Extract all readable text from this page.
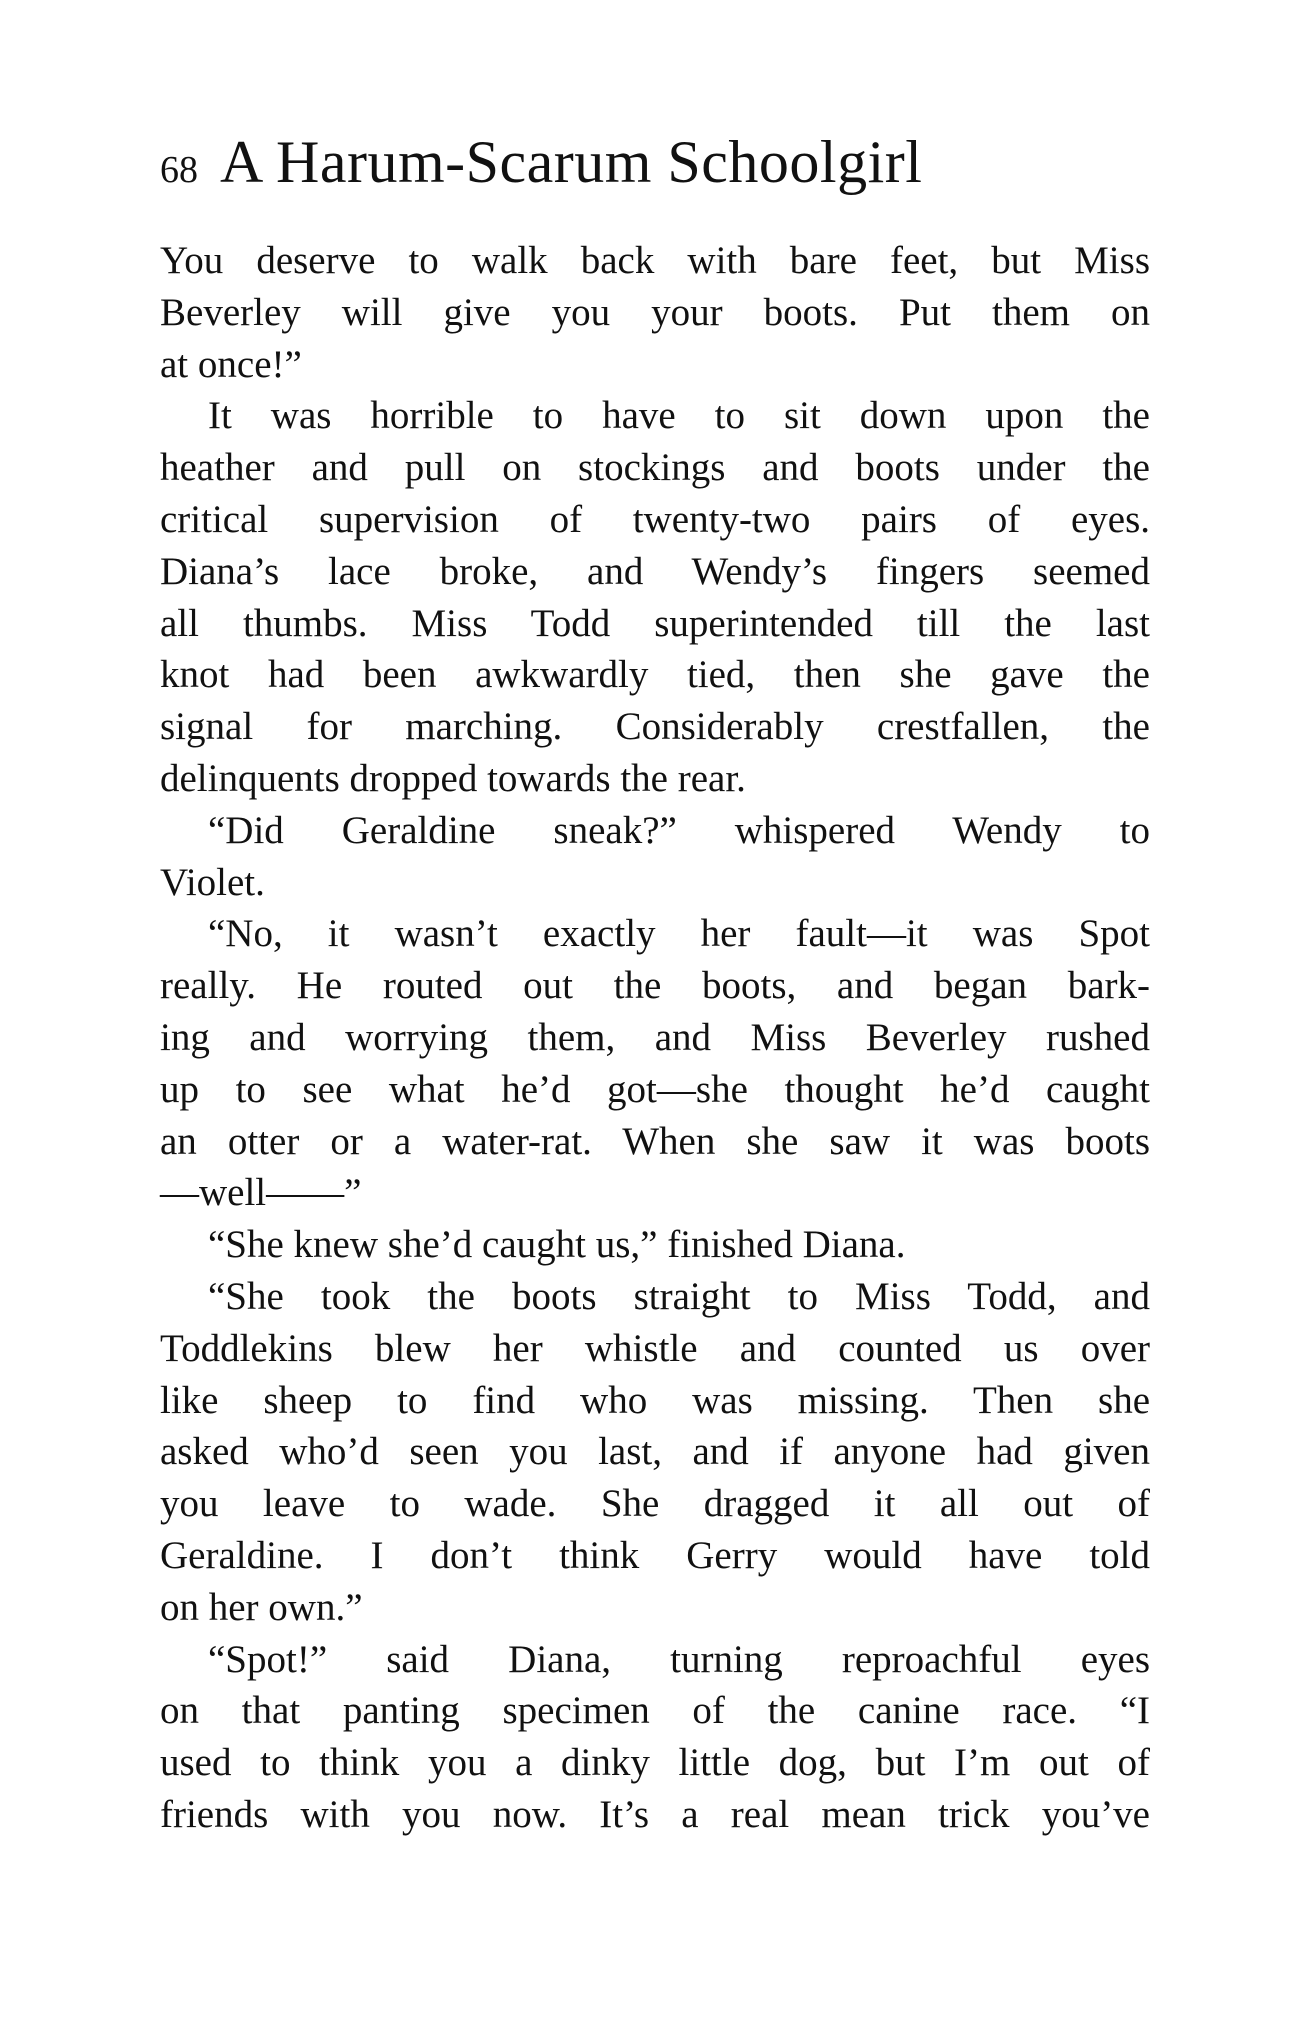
68 A Harum-Scarum Schoolgirl
You deserve to walk back with bare feet, but Miss
Beverley will give you your boots. Put them on
at once!”
It was horrible to have to sit down upon the
heather and pull on stockings and boots under the
critical supervision of twenty-two pairs of eyes.
Diana’s lace broke, and Wendy’s fingers seemed
all thumbs. Miss Todd superintended till the last
knot had been awkwardly tied, then she gave the
signal for marching. Considerably crestfallen, the
delinquents dropped towards the rear.
“Did Geraldine sneak?” whispered Wendy to
Violet.
“No, it wasn’t exactly her fault—it was Spot
really. He routed out the boots, and began bark-
ing and worrying them, and Miss Beverley rushed
up to see what he’d got—she thought he’d caught
an otter or a water-rat. When she saw it was boots
—well——”
“She knew she’d caught us,” finished Diana.
“She took the boots straight to Miss Todd, and
Toddlekins blew her whistle and counted us over
like sheep to find who was missing. Then she
asked who’d seen you last, and if anyone had given
you leave to wade. She dragged it all out of
Geraldine. I don’t think Gerry would have told
on her own.”
“Spot!” said Diana, turning reproachful eyes
on that panting specimen of the canine race. “I
used to think you a dinky little dog, but I’m out of
friends with you now. It’s a real mean trick you’ve
